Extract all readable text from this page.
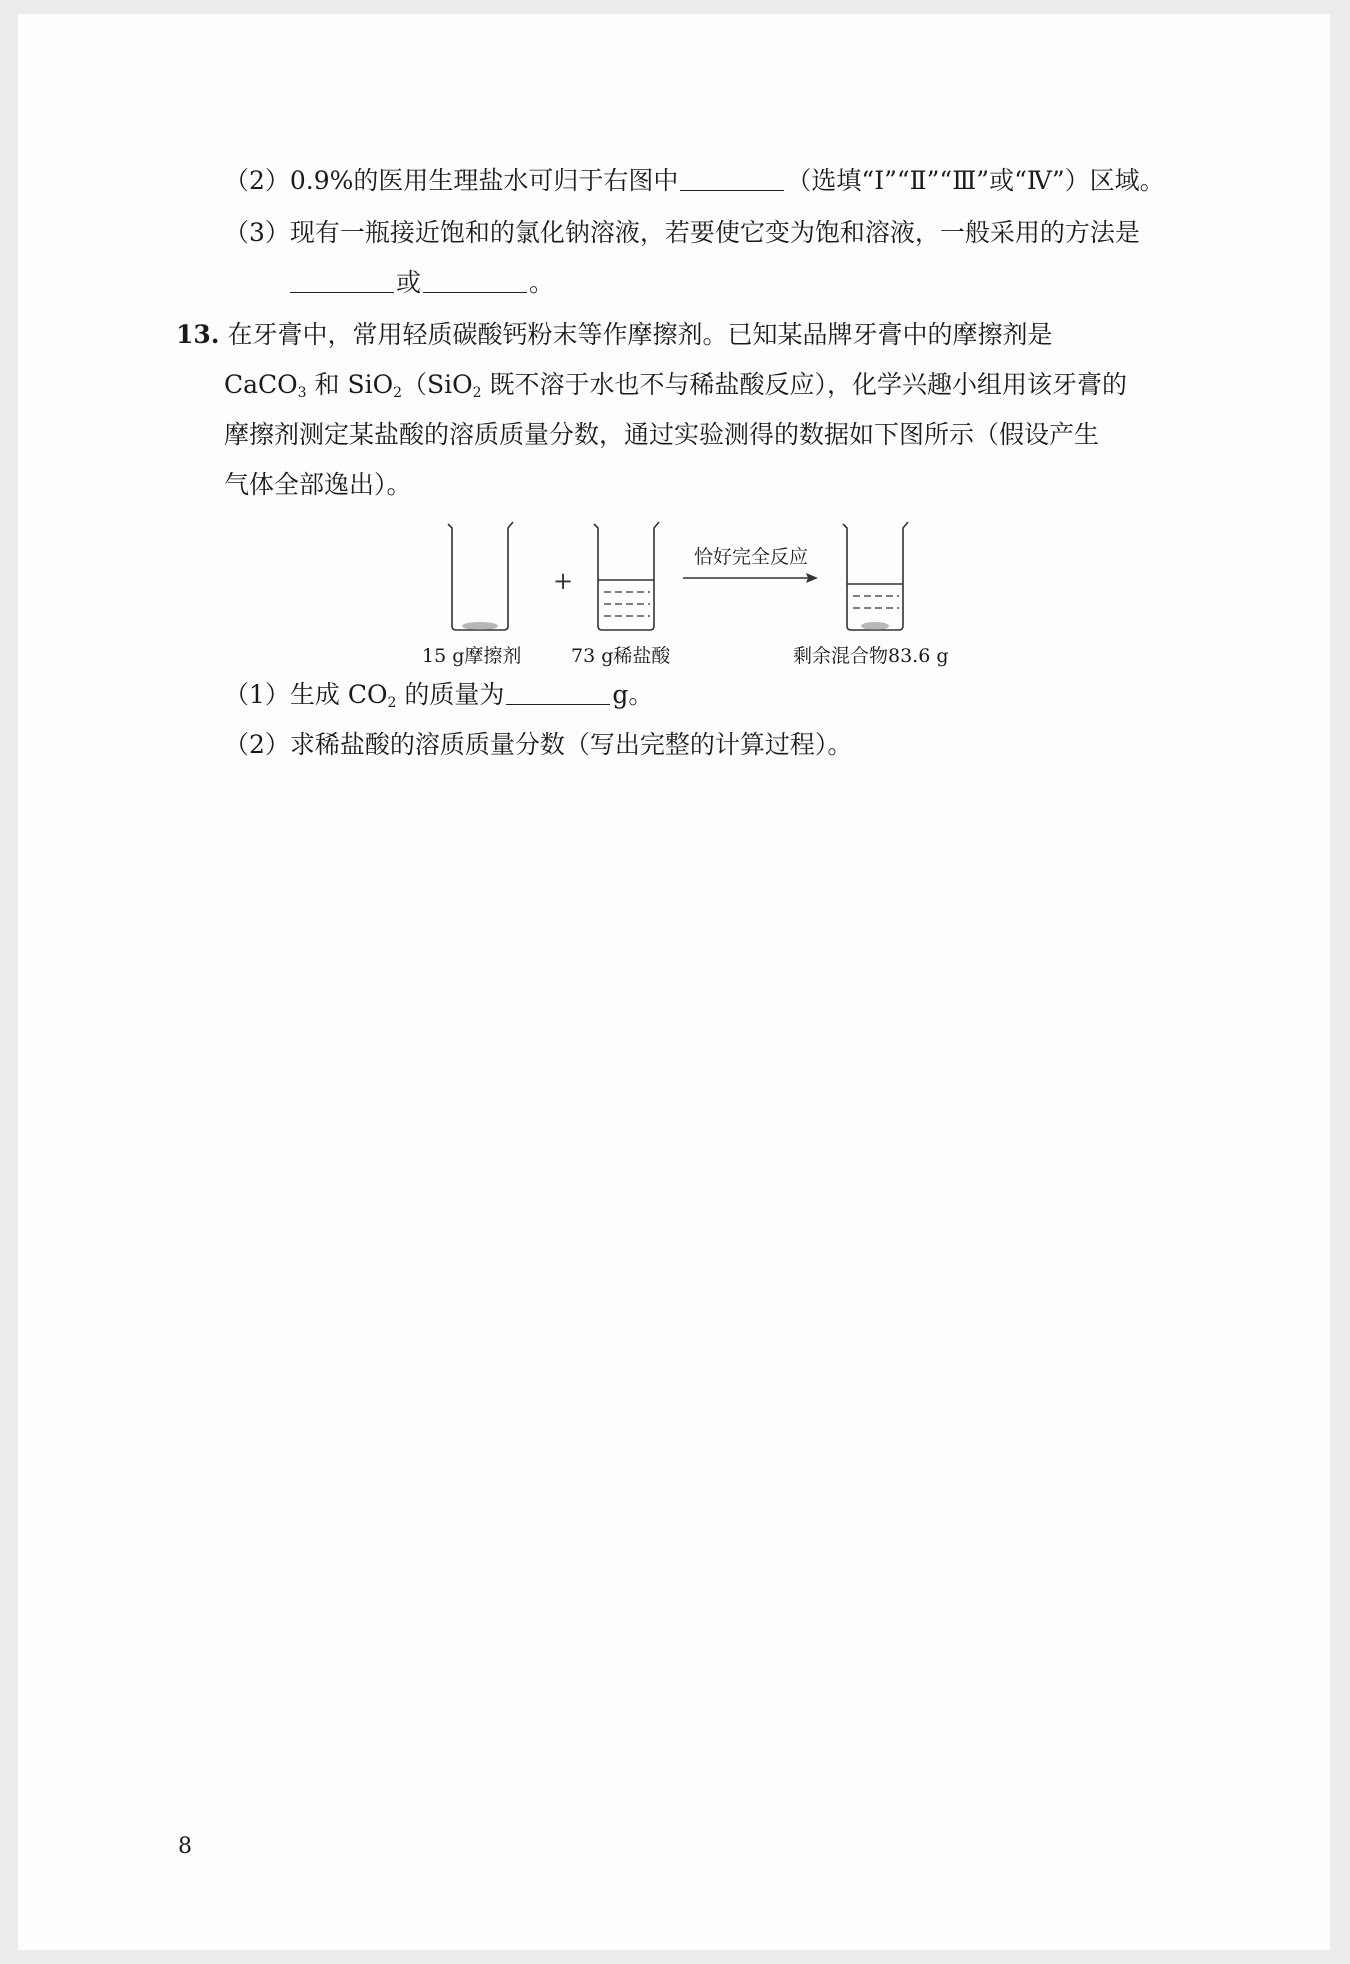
（2）0.9%的医用生理盐水可归于右图中	（选填“Ⅰ”“Ⅱ”“Ⅲ”或“Ⅳ”）区域。
（3）现有一瓶接近饱和的氯化钠溶液，若要使它变为饱和溶液，一般采用的方法是
或	。
13. 在牙膏中，常用轻质碳酸钙粉末等作摩擦剂。已知某品牌牙膏中的摩擦剂是
CaCO$_3$ 和 SiO$_2$（SiO$_2$ 既不溶于水也不与稀盐酸反应），化学兴趣小组用该牙膏的
摩擦剂测定某盐酸的溶质质量分数，通过实验测得的数据如下图所示（假设产生
气体全部逸出）。
+
恰好完全反应
15 g摩擦剂	73 g稀盐酸	剩余混合物83.6 g
（1）生成 $CO_2$ 的质量为	g。
（2）求稀盐酸的溶质质量分数（写出完整的计算过程）。
8
